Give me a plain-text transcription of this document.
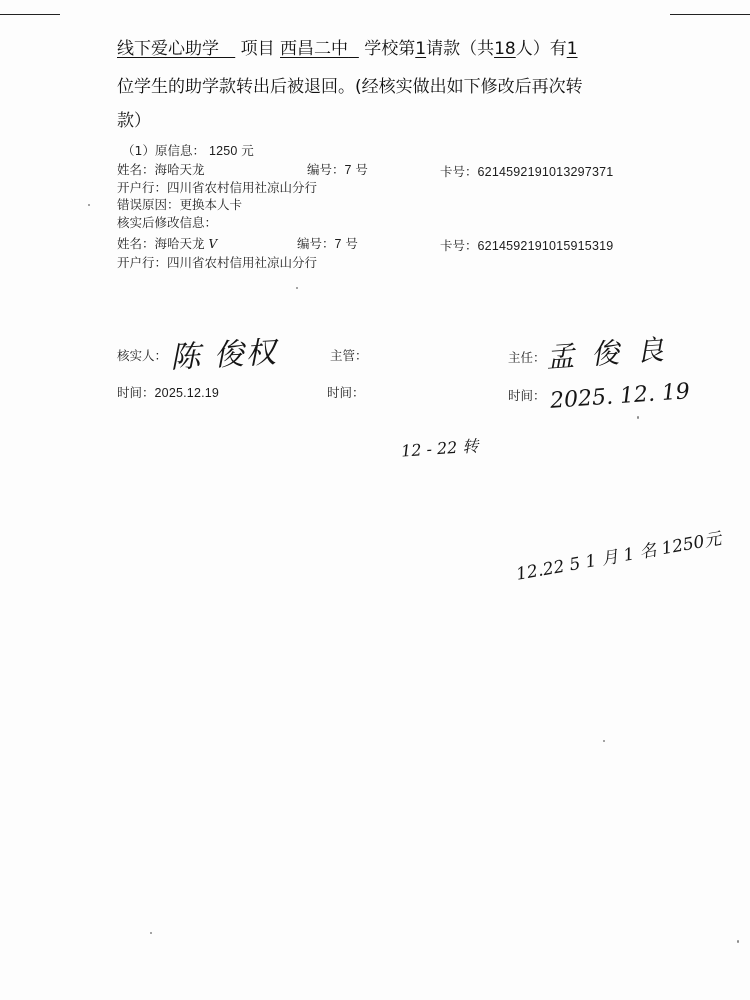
线下爱心助学 项目 西昌二中 学校第1请款（共18人）有1
位学生的助学款转出后被退回。(经核实做出如下修改后再次转
款）
（1）原信息： 1250 元
姓名：海哈天龙	编号：7 号	卡号：6214592191013297371
开户行：四川省农村信用社凉山分行
错误原因：更换本人卡
核实后修改信息：
姓名：海哈天龙 V	编号：7 号	卡号：6214592191015915319
开户行：四川省农村信用社凉山分行
核实人： 陈 俊权	主管：	主任： 孟 俊 良
时间：2025.12.19	时间：	时间： 2025. 12. 19
12 - 22 转
12.22 5 1 月 1 名 1250元
